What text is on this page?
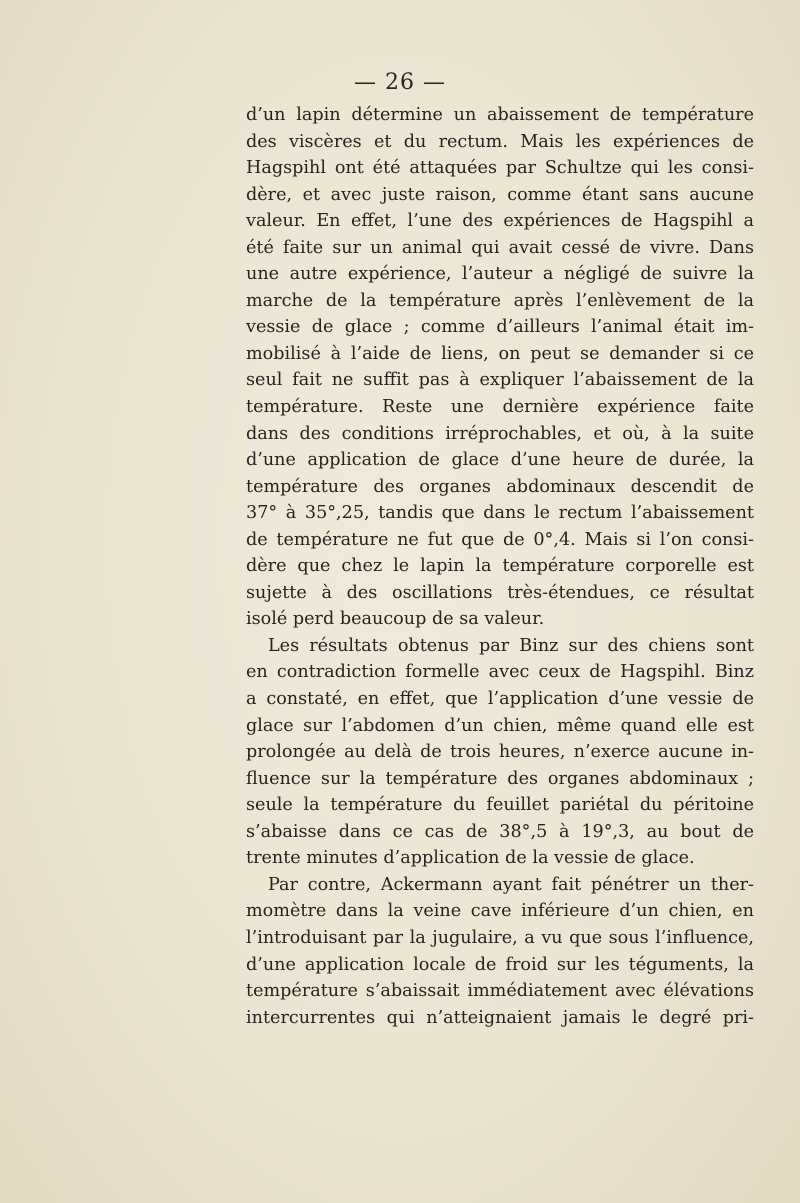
— 26 —
d’un lapin détermine un abaissement de température
des viscères et du rectum. Mais les expériences de
Hagspihl ont été attaquées par Schultze qui les consi-
dère, et avec juste raison, comme étant sans aucune
valeur. En effet, l’une des expériences de Hagspihl a
été faite sur un animal qui avait cessé de vivre. Dans
une autre expérience, l’auteur a négligé de suivre la
marche de la température après l’enlèvement de la
vessie de glace ; comme d’ailleurs l’animal était im-
mobilisé à l’aide de liens, on peut se demander si ce
seul fait ne suffit pas à expliquer l’abaissement de la
température. Reste une dernière expérience faite
dans des conditions irréprochables, et où, à la suite
d’une application de glace d’une heure de durée, la
température des organes abdominaux descendit de
37° à 35°,25, tandis que dans le rectum l’abaissement
de température ne fut que de 0°,4. Mais si l’on consi-
dère que chez le lapin la température corporelle est
sujette à des oscillations très-étendues, ce résultat
isolé perd beaucoup de sa valeur.
Les résultats obtenus par Binz sur des chiens sont
en contradiction formelle avec ceux de Hagspihl. Binz
a constaté, en effet, que l’application d’une vessie de
glace sur l’abdomen d’un chien, même quand elle est
prolongée au delà de trois heures, n’exerce aucune in-
fluence sur la température des organes abdominaux ;
seule la température du feuillet pariétal du péritoine
s’abaisse dans ce cas de 38°,5 à 19°,3, au bout de
trente minutes d’application de la vessie de glace.
Par contre, Ackermann ayant fait pénétrer un ther-
momètre dans la veine cave inférieure d’un chien, en
l’introduisant par la jugulaire, a vu que sous l’influence,
d’une application locale de froid sur les téguments, la
température s’abaissait immédiatement avec élévations
intercurrentes qui n’atteignaient jamais le degré pri-
